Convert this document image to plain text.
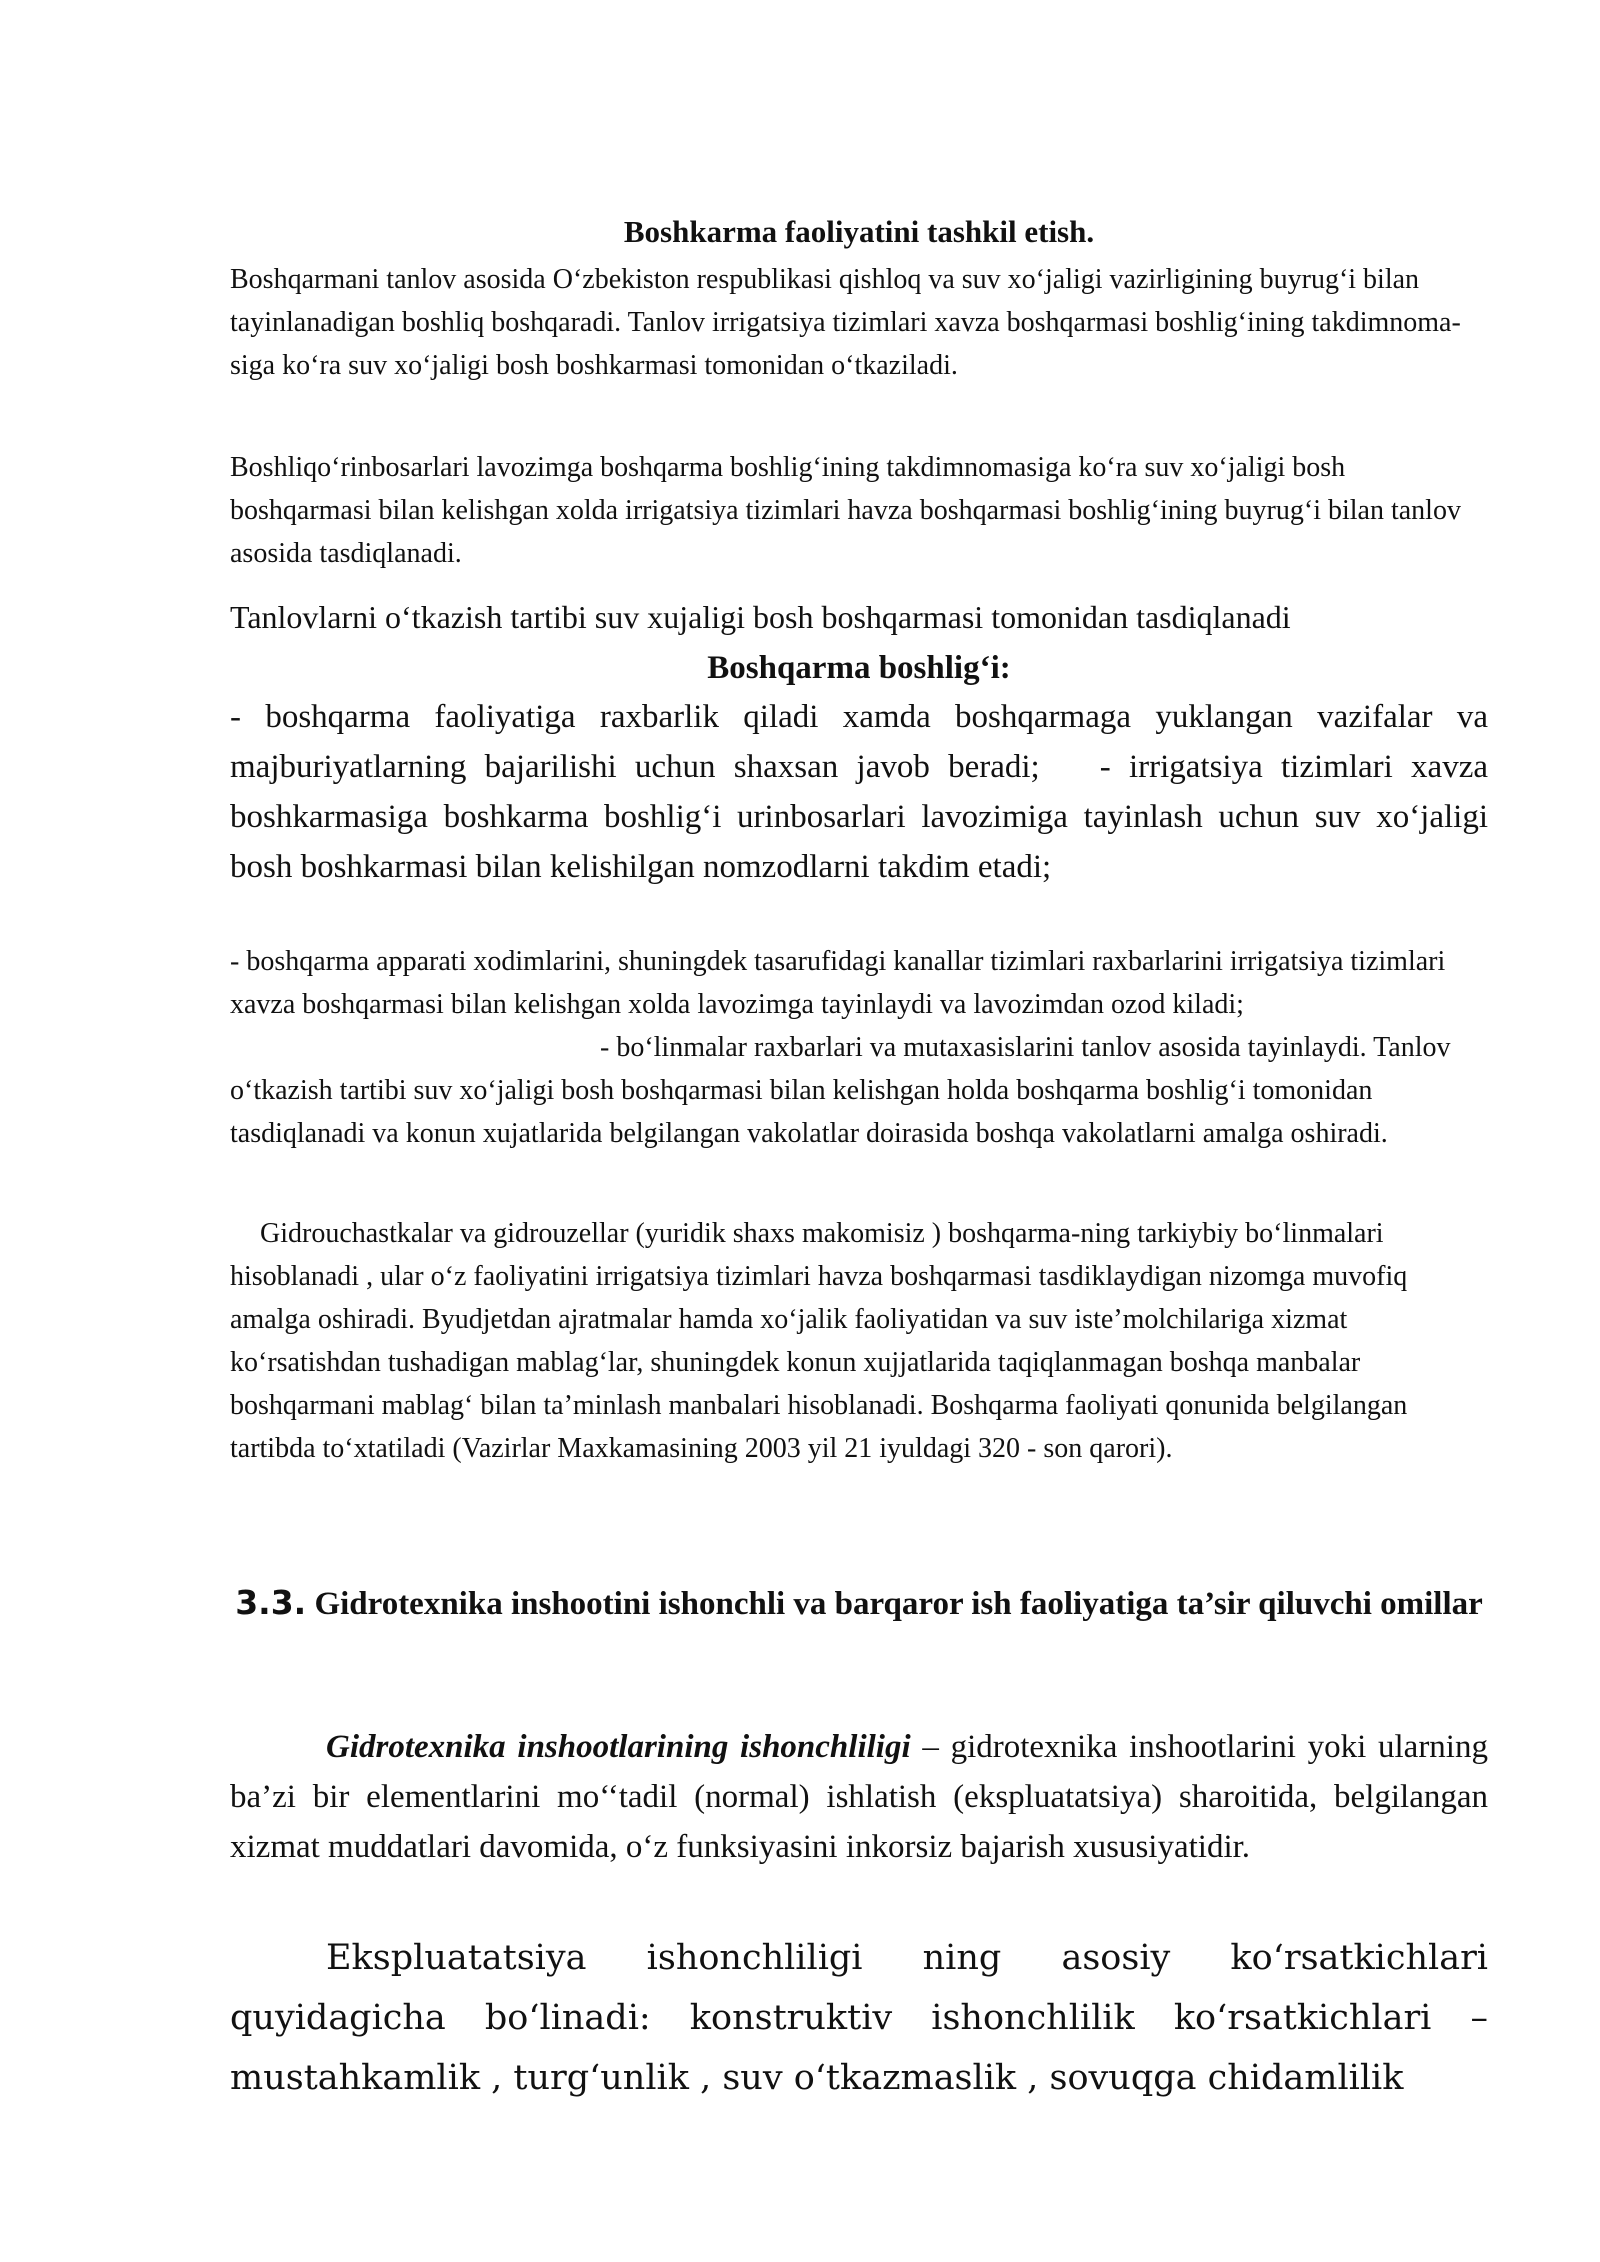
Boshkarma faoliyatini tashkil etish.

Boshqarmani tanlov asosida O‘zbekiston respublikasi qishloq va suv xo‘jaligi vazirligining buyrug‘i bilan tayinlanadigan boshliq boshqaradi. Tanlov irrigatsiya tizimlari xavza boshqarmasi boshlig‘ining takdimnoma-siga ko‘ra suv xo‘jaligi bosh boshkarmasi tomonidan o‘tkaziladi.

Boshliqo‘rinbosarlari lavozimga boshqarma boshlig‘ining takdimnomasiga ko‘ra suv xo‘jaligi bosh boshqarmasi bilan kelishgan xolda irrigatsiya tizimlari havza boshqarmasi boshlig‘ining buyrug‘i bilan tanlov asosida tasdiqlanadi.

Tanlovlarni o‘tkazish tartibi suv xujaligi bosh boshqarmasi tomonidan tasdiqlanadi

Boshqarma boshlig‘i:

- boshqarma faoliyatiga raxbarlik qiladi xamda boshqarmaga yuklangan vazifalar va majburiyatlarning bajarilishi uchun shaxsan javob beradi; - irrigatsiya tizimlari xavza boshkarmasiga boshkarma boshlig‘i urinbosarlari lavozimiga tayinlash uchun suv xo‘jaligi bosh boshkarmasi bilan kelishilgan nomzodlarni takdim etadi;

- boshqarma apparati xodimlarini, shuningdek tasarufidagi kanallar tizimlari raxbarlarini irrigatsiya tizimlari xavza boshqarmasi bilan kelishgan xolda lavozimga tayinlaydi va lavozimdan ozod kiladi;- bo‘linmalar raxbarlari va mutaxasislarini tanlov asosida tayinlaydi. Tanlov o‘tkazish tartibi suv xo‘jaligi bosh boshqarmasi bilan kelishgan holda boshqarma boshlig‘i tomonidan tasdiqlanadi va konun xujatlarida belgilangan vakolatlar doirasida boshqa vakolatlarni amalga oshiradi.

Gidrouchastkalar va gidrouzellar (yuridik shaxs makomisiz ) boshqarma-ning tarkiybiy bo‘linmalari hisoblanadi , ular o‘z faoliyatini irrigatsiya tizimlari havza boshqarmasi tasdiklaydigan nizomga muvofiq amalga oshiradi. Byudjetdan ajratmalar hamda xo‘jalik faoliyatidan va suv iste’molchilariga xizmat ko‘rsatishdan tushadigan mablag‘lar, shuningdek konun xujjatlarida taqiqlanmagan boshqa manbalar boshqarmani mablag‘ bilan ta’minlash manbalari hisoblanadi. Boshqarma faoliyati qonunida belgilangan tartibda to‘xtatiladi (Vazirlar Maxkamasining 2003 yil 21 iyuldagi 320 - son qarori).

3.3. Gidrotexnika inshootini ishonchli va barqaror ish faoliyatiga ta’sir qiluvchi omillar

Gidrotexnika inshootlarining ishonchliligi – gidrotexnika inshootlarini yoki ularning ba’zi bir elementlarini mo‘‘tadil (normal) ishlatish (ekspluatatsiya) sharoitida, belgilangan xizmat muddatlari davomida, o‘z funksiyasini inkorsiz bajarish xususiyatidir.

Ekspluatatsiya ishonchliligi ning asosiy ko‘rsatkichlari quyidagicha bo‘linadi: konstruktiv ishonchlilik ko‘rsatkichlari – mustahkamlik , turg‘unlik , suv o‘tkazmaslik , sovuqga chidamlilik
